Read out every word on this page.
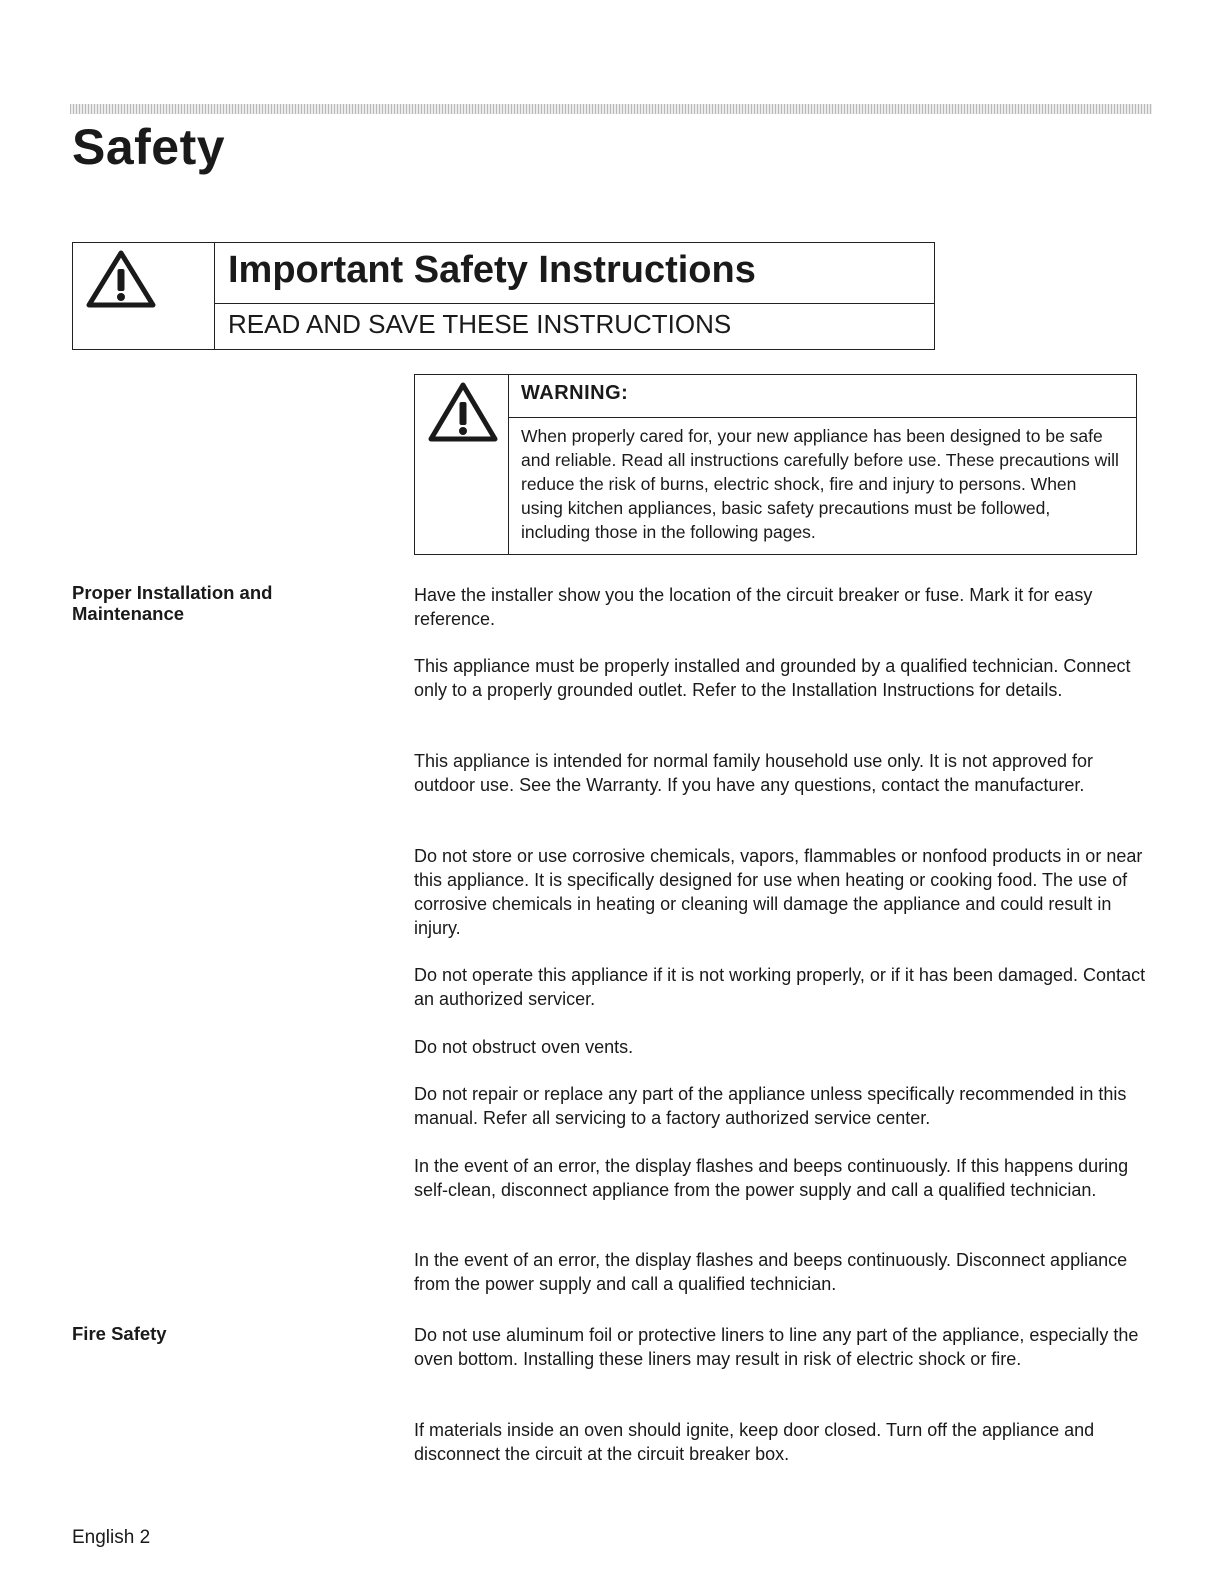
Safety
Important Safety Instructions
READ AND SAVE THESE INSTRUCTIONS
WARNING:

When properly cared for, your new appliance has been designed to be safe and reliable. Read all instructions carefully before use. These precautions will reduce the risk of burns, electric shock, fire and injury to persons. When using kitchen appliances, basic safety precautions must be followed, including those in the following pages.

Proper Installation and Maintenance

Have the installer show you the location of the circuit breaker or fuse. Mark it for easy reference.

This appliance must be properly installed and grounded by a qualified technician. Connect only to a properly grounded outlet. Refer to the Installation Instructions for details.

This appliance is intended for normal family household use only. It is not approved for outdoor use. See the Warranty. If you have any questions, contact the manufacturer.

Do not store or use corrosive chemicals, vapors, flammables or nonfood products in or near this appliance. It is specifically designed for use when heating or cooking food. The use of corrosive chemicals in heating or cleaning will damage the appliance and could result in injury.

Do not operate this appliance if it is not working properly, or if it has been damaged. Contact an authorized servicer.

Do not obstruct oven vents.

Do not repair or replace any part of the appliance unless specifically recommended in this manual. Refer all servicing to a factory authorized service center.

In the event of an error, the display flashes and beeps continuously. If this happens during self-clean, disconnect appliance from the power supply and call a qualified technician.

In the event of an error, the display flashes and beeps continuously. Disconnect appliance from the power supply and call a qualified technician.

Fire Safety	Do not use aluminum foil or protective liners to line any part of the appliance, especially the oven bottom. Installing these liners may result in risk of electric shock or fire.

If materials inside an oven should ignite, keep door closed. Turn off the appliance and disconnect the circuit at the circuit breaker box.

English 2
